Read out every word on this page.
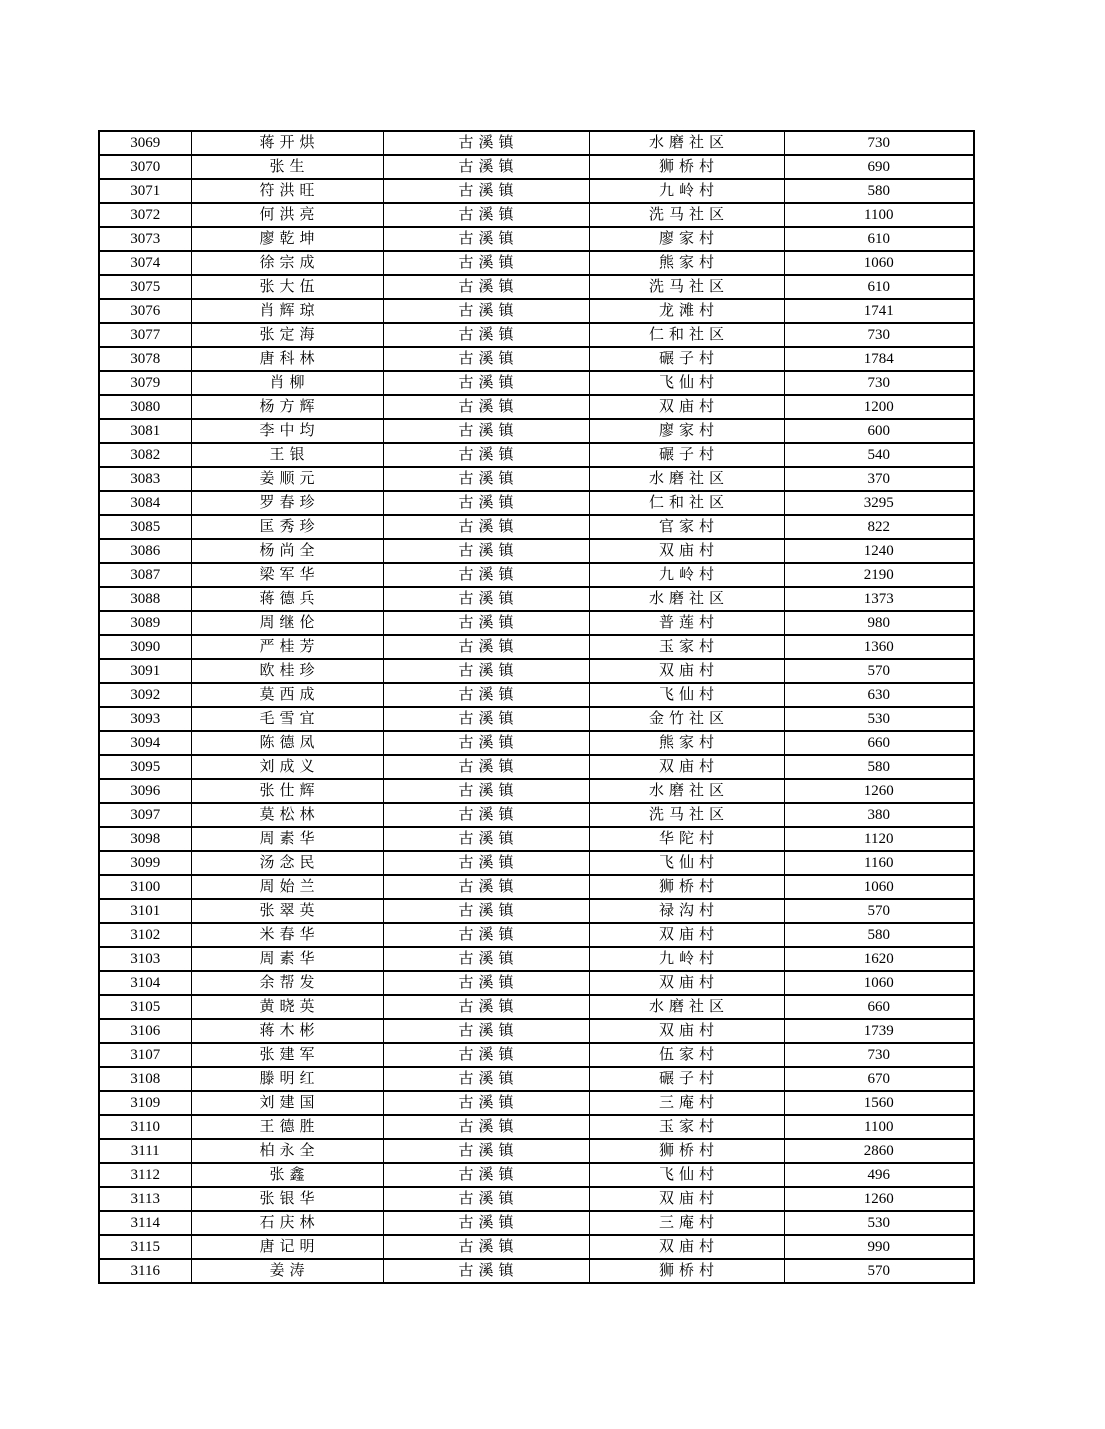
3069	蒋开烘	古溪镇	水磨社区	730
3070	张生	古溪镇	狮桥村	690
3071	符洪旺	古溪镇	九岭村	580
3072	何洪亮	古溪镇	洗马社区	1100
3073	廖乾坤	古溪镇	廖家村	610
3074	徐宗成	古溪镇	熊家村	1060
3075	张大伍	古溪镇	洗马社区	610
3076	肖辉琼	古溪镇	龙滩村	1741
3077	张定海	古溪镇	仁和社区	730
3078	唐科林	古溪镇	碾子村	1784
3079	肖柳	古溪镇	飞仙村	730
3080	杨方辉	古溪镇	双庙村	1200
3081	李中均	古溪镇	廖家村	600
3082	王银	古溪镇	碾子村	540
3083	姜顺元	古溪镇	水磨社区	370
3084	罗春珍	古溪镇	仁和社区	3295
3085	匡秀珍	古溪镇	官家村	822
3086	杨尚全	古溪镇	双庙村	1240
3087	梁军华	古溪镇	九岭村	2190
3088	蒋德兵	古溪镇	水磨社区	1373
3089	周继伦	古溪镇	普莲村	980
3090	严桂芳	古溪镇	玉家村	1360
3091	欧桂珍	古溪镇	双庙村	570
3092	莫西成	古溪镇	飞仙村	630
3093	毛雪宜	古溪镇	金竹社区	530
3094	陈德凤	古溪镇	熊家村	660
3095	刘成义	古溪镇	双庙村	580
3096	张仕辉	古溪镇	水磨社区	1260
3097	莫松林	古溪镇	洗马社区	380
3098	周素华	古溪镇	华陀村	1120
3099	汤念民	古溪镇	飞仙村	1160
3100	周始兰	古溪镇	狮桥村	1060
3101	张翠英	古溪镇	禄沟村	570
3102	米春华	古溪镇	双庙村	580
3103	周素华	古溪镇	九岭村	1620
3104	余帮发	古溪镇	双庙村	1060
3105	黄晓英	古溪镇	水磨社区	660
3106	蒋木彬	古溪镇	双庙村	1739
3107	张建军	古溪镇	伍家村	730
3108	滕明红	古溪镇	碾子村	670
3109	刘建国	古溪镇	三庵村	1560
3110	王德胜	古溪镇	玉家村	1100
3111	柏永全	古溪镇	狮桥村	2860
3112	张鑫	古溪镇	飞仙村	496
3113	张银华	古溪镇	双庙村	1260
3114	石庆林	古溪镇	三庵村	530
3115	唐记明	古溪镇	双庙村	990
3116	姜涛	古溪镇	狮桥村	570
